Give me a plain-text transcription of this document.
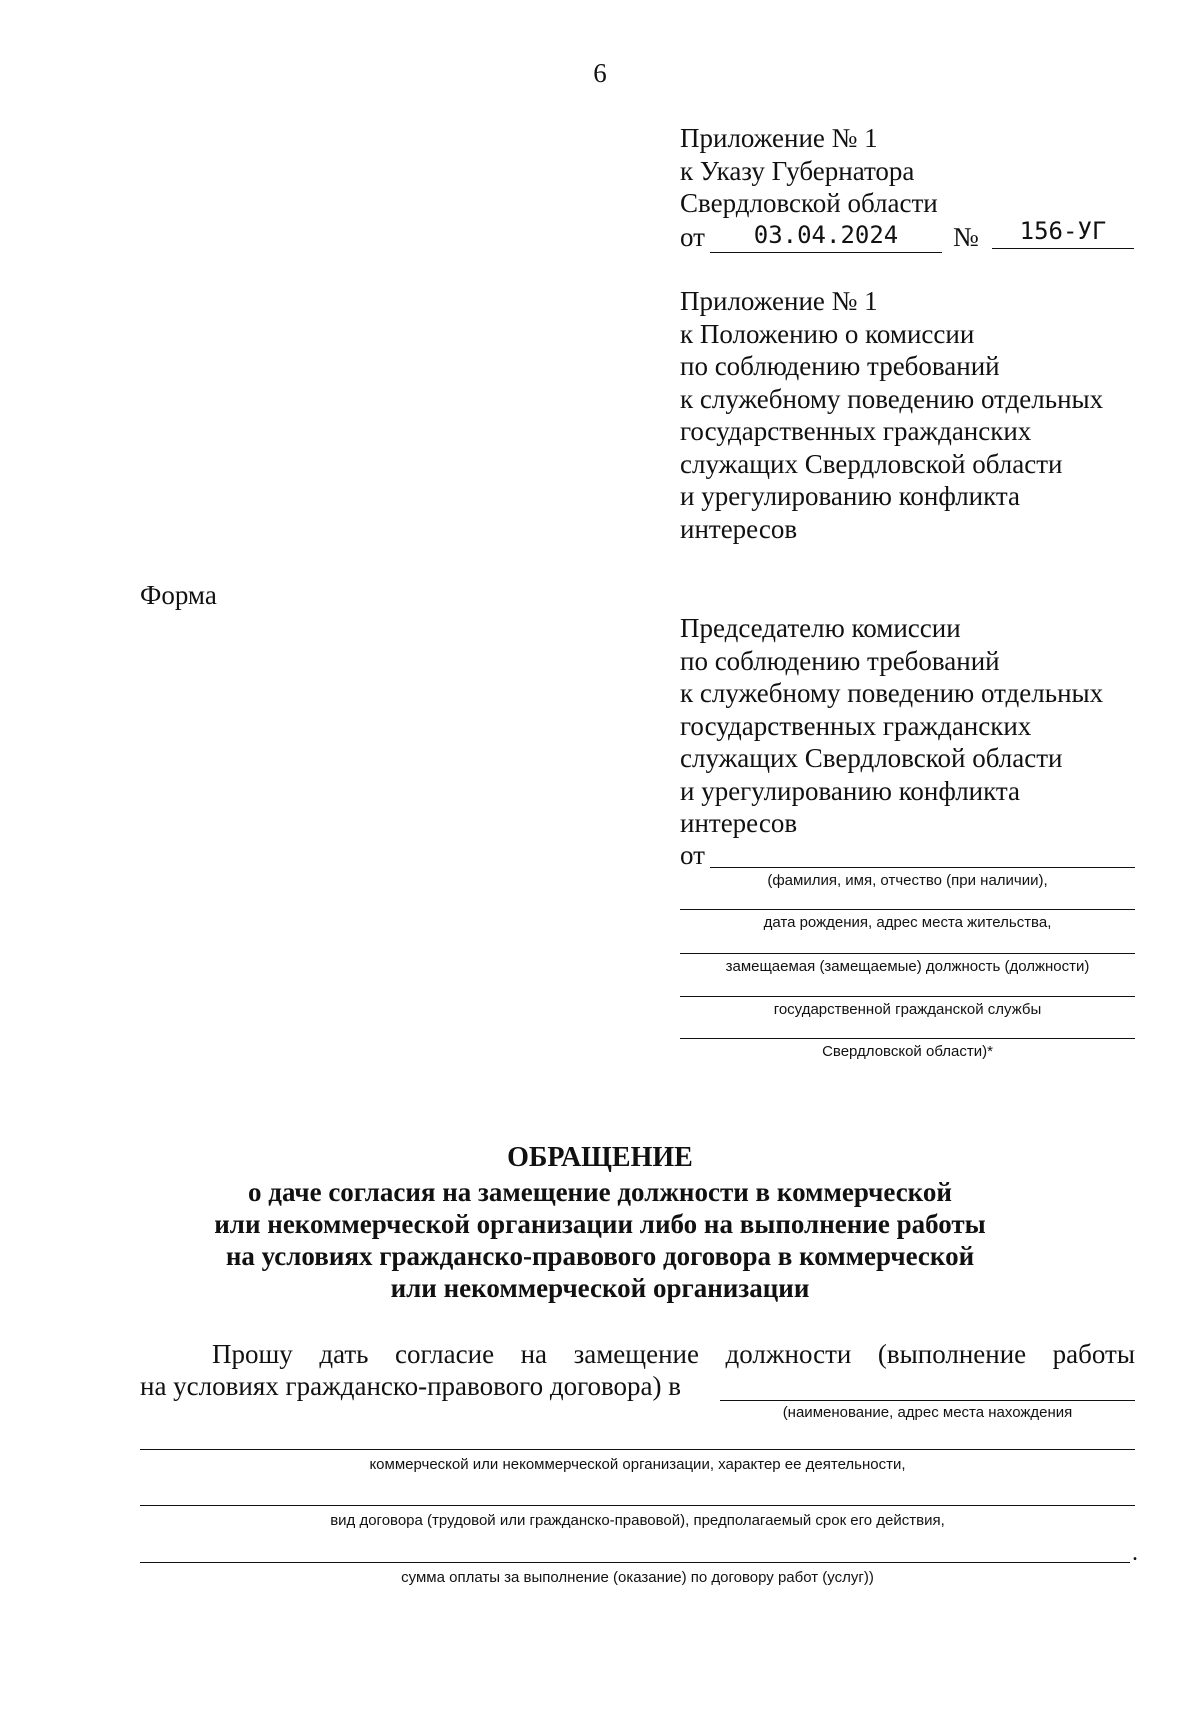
6
Приложение № 1
к Указу Губернатора
Свердловской области
от	03.04.2024	№	156-УГ
Приложение № 1
к Положению о комиссии
по соблюдению требований
к служебному поведению отдельных
государственных гражданских
служащих Свердловской области
и урегулированию конфликта
интересов
Форма
Председателю комиссии
по соблюдению требований
к служебному поведению отдельных
государственных гражданских
служащих Свердловской области
и урегулированию конфликта
интересов
от
(фамилия, имя, отчество (при наличии),
дата рождения, адрес места жительства,
замещаемая (замещаемые) должность (должности)
государственной гражданской службы
Свердловской области)*
ОБРАЩЕНИЕ
о даче согласия на замещение должности в коммерческой
или некоммерческой организации либо на выполнение работы
на условиях гражданско-правового договора в коммерческой
или некоммерческой организации
Прошу дать согласие на замещение должности (выполнение работы
на условиях гражданско-правового договора) в
(наименование, адрес места нахождения
коммерческой или некоммерческой организации, характер ее деятельности,
вид договора (трудовой или гражданско-правовой), предполагаемый срок его действия,
.
сумма оплаты за выполнение (оказание) по договору работ (услуг))
